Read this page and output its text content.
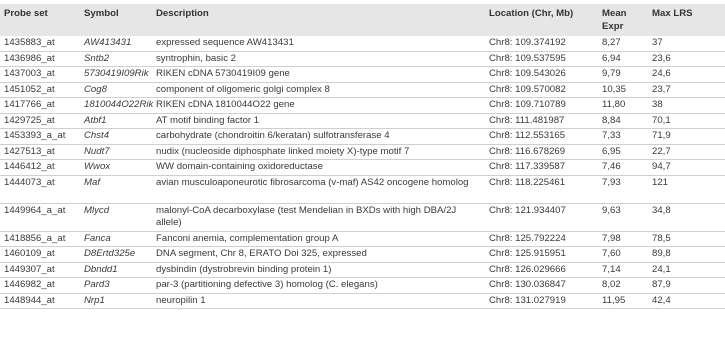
Probe set	Symbol	Description	Location (Chr, Mb)	Mean Expr	Max LRS
1435883_at	AW413431	expressed sequence AW413431	Chr8: 109.374192	8,27	37
1436986_at	Sntb2	syntrophin, basic 2	Chr8: 109.537595	6,94	23,6
1437003_at	5730419I09Rik	RIKEN cDNA 5730419I09 gene	Chr8: 109.543026	9,79	24,6
1451052_at	Cog8	component of oligomeric golgi complex 8	Chr8: 109.570082	10,35	23,7
1417766_at	1810044O22Rik	RIKEN cDNA 1810044O22 gene	Chr8: 109.710789	11,80	38
1429725_at	Atbf1	AT motif binding factor 1	Chr8: 111.481987	8,84	70,1
1453393_a_at	Chst4	carbohydrate (chondroitin 6/keratan) sulfotransferase 4	Chr8: 112.553165	7,33	71,9
1427513_at	Nudt7	nudix (nucleoside diphosphate linked moiety X)-type motif 7	Chr8: 116.678269	6,95	22,7
1446412_at	Wwox	WW domain-containing oxidoreductase	Chr8: 117.339587	7,46	94,7
1444073_at	Maf	avian musculoaponeurotic fibrosarcoma (v-maf) AS42 oncogene homolog	Chr8: 118.225461	7,93	121
1449964_a_at	Mlycd	malonyl-CoA decarboxylase (test Mendelian in BXDs with high DBA/2J allele)	Chr8: 121.934407	9,63	34,8
1418856_a_at	Fanca	Fanconi anemia, complementation group A	Chr8: 125.792224	7,98	78,5
1460109_at	D8Ertd325e	DNA segment, Chr 8, ERATO Doi 325, expressed	Chr8: 125.915951	7,60	89,8
1449307_at	Dbndd1	dysbindin (dystrobrevin binding protein 1)	Chr8: 126.029666	7,14	24,1
1446982_at	Pard3	par-3 (partitioning defective 3) homolog (C. elegans)	Chr8: 130.036847	8,02	87,9
1448944_at	Nrp1	neuropilin 1	Chr8: 131.027919	11,95	42,4
